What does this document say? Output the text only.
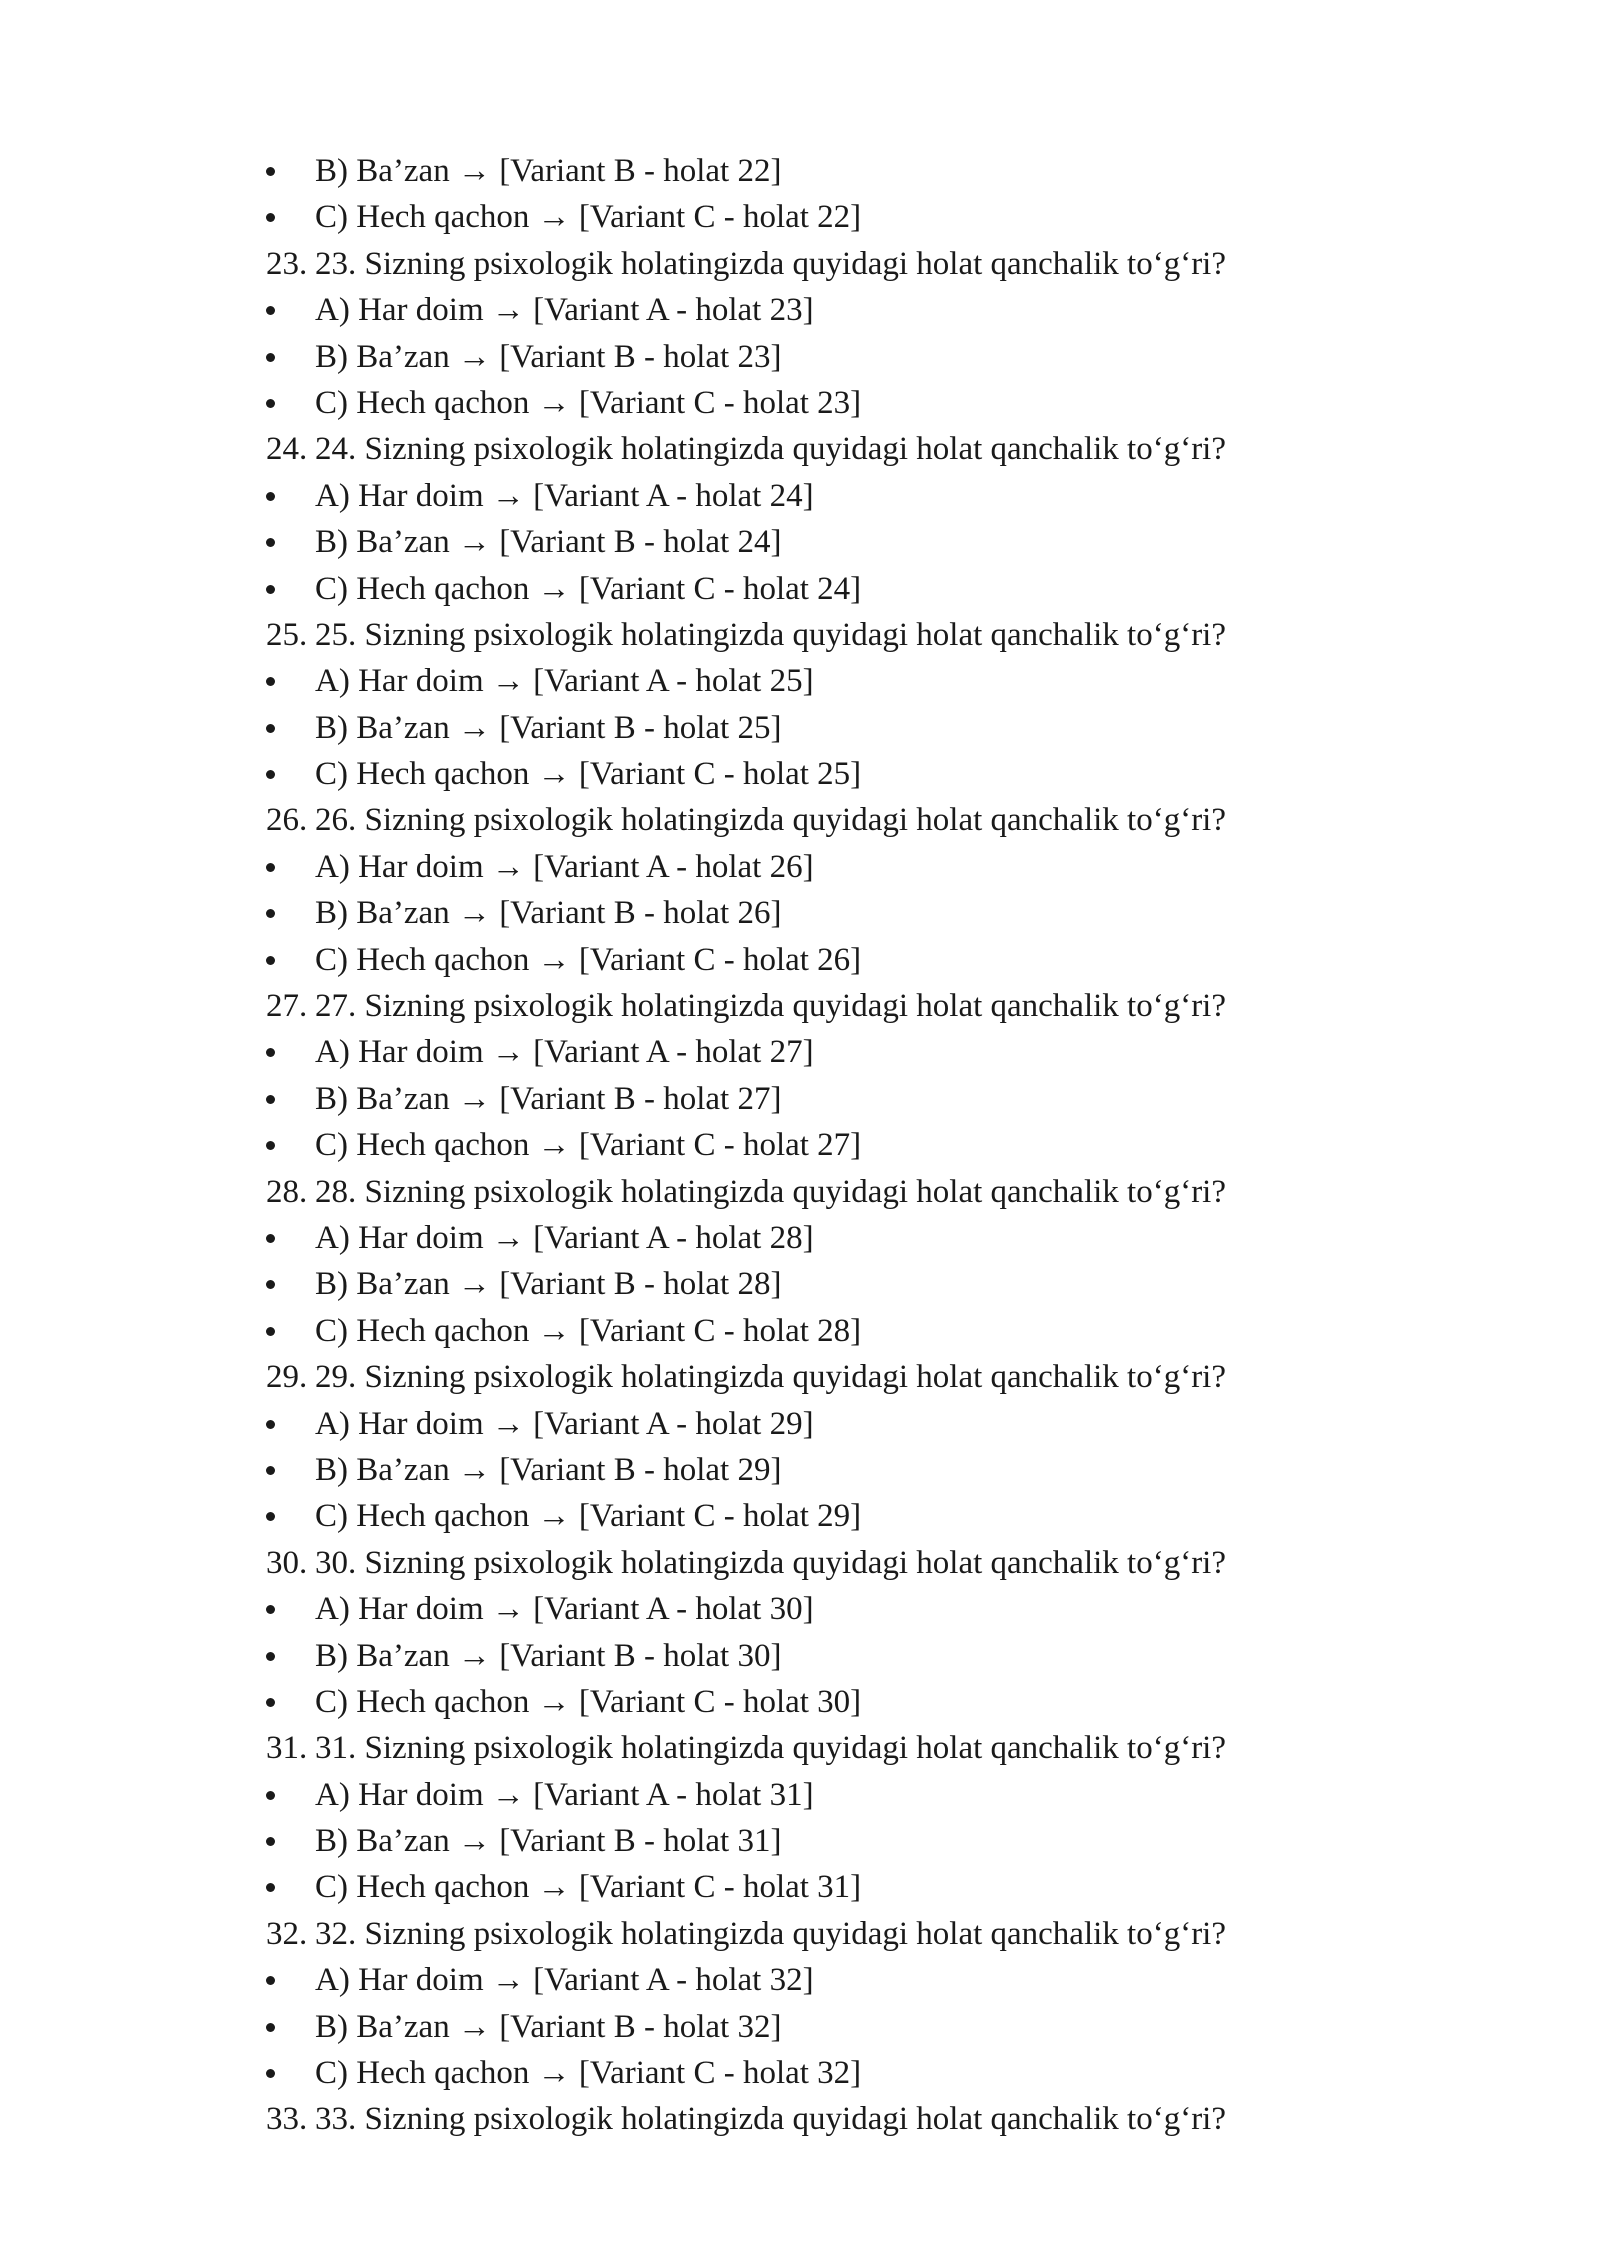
B) Ba’zan → [Variant B - holat 22]
C) Hech qachon → [Variant C - holat 22]
23. 23. Sizning psixologik holatingizda quyidagi holat qanchalik to‘g‘ri?
A) Har doim → [Variant A - holat 23]
B) Ba’zan → [Variant B - holat 23]
C) Hech qachon → [Variant C - holat 23]
24. 24. Sizning psixologik holatingizda quyidagi holat qanchalik to‘g‘ri?
A) Har doim → [Variant A - holat 24]
B) Ba’zan → [Variant B - holat 24]
C) Hech qachon → [Variant C - holat 24]
25. 25. Sizning psixologik holatingizda quyidagi holat qanchalik to‘g‘ri?
A) Har doim → [Variant A - holat 25]
B) Ba’zan → [Variant B - holat 25]
C) Hech qachon → [Variant C - holat 25]
26. 26. Sizning psixologik holatingizda quyidagi holat qanchalik to‘g‘ri?
A) Har doim → [Variant A - holat 26]
B) Ba’zan → [Variant B - holat 26]
C) Hech qachon → [Variant C - holat 26]
27. 27. Sizning psixologik holatingizda quyidagi holat qanchalik to‘g‘ri?
A) Har doim → [Variant A - holat 27]
B) Ba’zan → [Variant B - holat 27]
C) Hech qachon → [Variant C - holat 27]
28. 28. Sizning psixologik holatingizda quyidagi holat qanchalik to‘g‘ri?
A) Har doim → [Variant A - holat 28]
B) Ba’zan → [Variant B - holat 28]
C) Hech qachon → [Variant C - holat 28]
29. 29. Sizning psixologik holatingizda quyidagi holat qanchalik to‘g‘ri?
A) Har doim → [Variant A - holat 29]
B) Ba’zan → [Variant B - holat 29]
C) Hech qachon → [Variant C - holat 29]
30. 30. Sizning psixologik holatingizda quyidagi holat qanchalik to‘g‘ri?
A) Har doim → [Variant A - holat 30]
B) Ba’zan → [Variant B - holat 30]
C) Hech qachon → [Variant C - holat 30]
31. 31. Sizning psixologik holatingizda quyidagi holat qanchalik to‘g‘ri?
A) Har doim → [Variant A - holat 31]
B) Ba’zan → [Variant B - holat 31]
C) Hech qachon → [Variant C - holat 31]
32. 32. Sizning psixologik holatingizda quyidagi holat qanchalik to‘g‘ri?
A) Har doim → [Variant A - holat 32]
B) Ba’zan → [Variant B - holat 32]
C) Hech qachon → [Variant C - holat 32]
33. 33. Sizning psixologik holatingizda quyidagi holat qanchalik to‘g‘ri?
